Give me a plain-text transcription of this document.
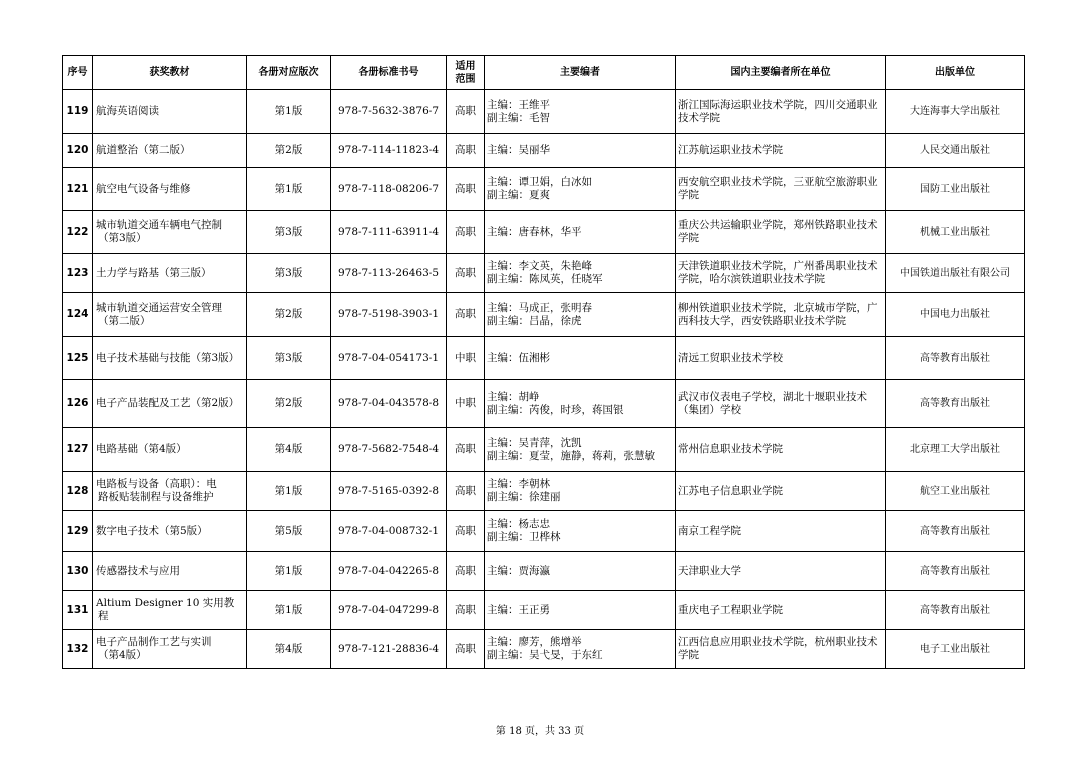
序号	获奖教材	各册对应版次	各册标准书号	适用
范围	主要编者	国内主要编者所在单位	出版单位
119	航海英语阅读	第1版	978-7-5632-3876-7	高职	主编：王维平
副主编：毛智	浙江国际海运职业技术学院，四川交通职业技术学院	大连海事大学出版社
120	航道整治（第二版）	第2版	978-7-114-11823-4	高职	主编：吴丽华	江苏航运职业技术学院	人民交通出版社
121	航空电气设备与维修	第1版	978-7-118-08206-7	高职	主编：谭卫娟，白冰如
副主编：夏爽	西安航空职业技术学院，三亚航空旅游职业学院	国防工业出版社
122	城市轨道交通车辆电气控制
（第3版）	第3版	978-7-111-63911-4	高职	主编：唐春林，华平	重庆公共运输职业学院，郑州铁路职业技术学院	机械工业出版社
123	土力学与路基（第三版）	第3版	978-7-113-26463-5	高职	主编：李文英，朱艳峰
副主编：陈凤英，任晓军	天津铁道职业技术学院，广州番禺职业技术学院，哈尔滨铁道职业技术学院	中国铁道出版社有限公司
124	城市轨道交通运营安全管理
（第二版）	第2版	978-7-5198-3903-1	高职	主编：马成正，张明春
副主编：吕晶，徐虎	柳州铁道职业技术学院，北京城市学院，广西科技大学，西安铁路职业技术学院	中国电力出版社
125	电子技术基础与技能（第3版）	第3版	978-7-04-054173-1	中职	主编：伍湘彬	清远工贸职业技术学校	高等教育出版社
126	电子产品装配及工艺（第2版）	第2版	978-7-04-043578-8	中职	主编：胡峥
副主编：芮俊，时珍，蒋国银	武汉市仪表电子学校，湖北十堰职业技术（集团）学校	高等教育出版社
127	电路基础（第4版）	第4版	978-7-5682-7548-4	高职	主编：吴青萍，沈凯
副主编：夏莹，施静，蒋莉，张慧敏	常州信息职业技术学院	北京理工大学出版社
128	电路板与设备（高职）：电
路板贴装制程与设备维护	第1版	978-7-5165-0392-8	高职	主编：李朝林
副主编：徐建丽	江苏电子信息职业学院	航空工业出版社
129	数字电子技术（第5版）	第5版	978-7-04-008732-1	高职	主编：杨志忠
副主编：卫桦林	南京工程学院	高等教育出版社
130	传感器技术与应用	第1版	978-7-04-042265-8	高职	主编：贾海瀛	天津职业大学	高等教育出版社
131	Altium Designer 10 实用教
程	第1版	978-7-04-047299-8	高职	主编：王正勇	重庆电子工程职业学院	高等教育出版社
132	电子产品制作工艺与实训
（第4版）	第4版	978-7-121-28836-4	高职	主编：廖芳，熊增举
副主编：吴弋旻，于东红	江西信息应用职业技术学院，杭州职业技术学院	电子工业出版社
第 18 页，共 33 页
